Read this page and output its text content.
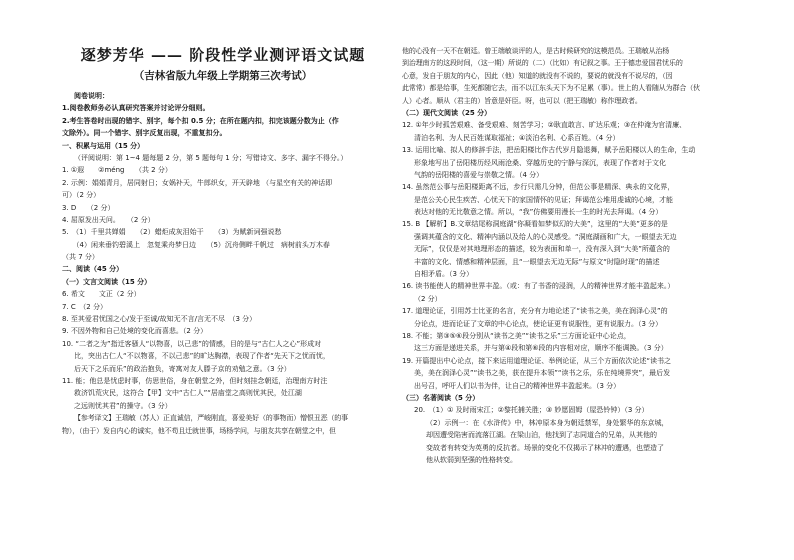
逐梦芳华 —— 阶段性学业测评语文试题
（吉林省版九年级上学期第三次考试）
阅卷说明：
1.阅卷教师务必认真研究答案并讨论评分细则。
2.考生答卷时出现的错字、别字，每个扣 0.5 分；在所在题内扣，扣完该题分数为止（作
文除外）。同一个错字、别字反复出现，不重复扣分。
一、积累与运用（15 分）
（评阅说明：第 1~4 题每题 2 分，第 5 题每句 1 分；写错诗文、多字、漏字不得分。）
1. ①遐　　②méng　　（共 2 分）
2. 示例：娟娟青月，居同射日；女娲补天，牛郎织女，开天辟地 （与星空有关的神话即
可）（2 分）
3. D　　（2 分）
4. 屈原发出天问。　　（2 分）
5.　（1）千里共婵娟　　（2）蜡炬成灰泪始干　　（3）为赋新词强说愁
　　（4）闲来垂钓碧溪上　忽复乘舟梦日边　　（5）沉舟侧畔千帆过　病树前头万木春
（共 7 分）
二、阅读（45 分）
（一）文言文阅读（15 分）
6. 希文　　文正（2 分）
7. C　（2 分）
8. 至其爱君忧国之心/发于至诚/故知无不言/言无不尽　（3 分）
9. 不因外物和自己处境的变化而喜悲。（2 分）
10. “二者之为”指迁客骚人“以物喜，以己悲”的情感，目的是与“古仁人之心”形成对
比，突出古仁人“不以物喜，不以己悲”的旷达胸襟，表现了作者“先天下之忧而忧，
后天下之乐而乐”的政治抱负，寄寓对友人滕子京的劝勉之意。（3 分）
11. 能；他总是忧虑时事，仿思世俗，身在朝堂之外，但时刻挂念朝廷，治理南方时注
救济饥荒灾民，这符合【甲】文中“古仁人”“居庙堂之高则忧其民，处江湖
之远则忧其君”的操守。（3 分）
【参考译文】王瑞敏（苏人）正直诚信，严峻刚直，喜爱美好（的事物而）憎恨丑恶（的事
物），（由于）发自内心的诚实，他不苟且迁就世事，场杨学问，与朋友共享在朝堂之中，但
他的心没有一天不在朝廷。曾王端敏谈评的人，是古时候研究的这模范员。王瑞敏从治杨
到治理南方的这段时间，（这一期）所说的（二）（比如）有记叙之事。王于德忠爱国君忧乐的
心意，发自于朋友的内心，因此（他）知道的就没有不说的，要说的就没有不说尽的，（因
此常常）都是给事，生死都随它去，而不以江东头天下为不足累（事）。世上的人看随从为群合（伙
人）心者。顺从（君主的）旨意是奸臣。呀，也可以（把王瑞敏）称作理政者。
（二）现代文阅读（25 分）
12. ①年少时孤苦艰难、备受艰难、刻苦学习；②耿直敢言、旷达乐观；③在仲淹为官清廉、
清泊名利、为人民百姓谋取福祉；④淡泊名利、心系百姓。（4 分）
13. 运用比喻、拟人的修辞手法，把岳阳楼比作古代岁月隐退舞，赋予岳阳楼以人的生命，生动
形象地写出了岳阳楼历经风雨沧桑、穿越历史的宁静与深沉，表现了作者对于文化
气韵的岳阳楼的喜爱与崇敬之情。（4 分）
14. 虽然范公事与岳阳楼距离不远，步行只需几分钟，但范公事是精深、典永的文化界，
是范公关心民生疾苦、心忧天下的家国情怀的见证；拜谒范公堆用虔诚的心境，才能
表达对他的无比敬意之情。所以，“我”仿佛要用漫长一生的时光去拜谒。（4 分）
15. B 【解析】B.文章结尾称洞庭湖“你凝看如梦似幻的大美”，这里的“大美”更多的是
强调其蕴含的文化、精神内涵以及给人的心灵感受。“洞庭湖画和广大，一眼望去无边
无际”，仅仅是对其地理形态的描述，较为表面和单一，没有深入到“大美”所蕴含的
丰富的文化、情感和精神层面，且“一眼望去无边无际”与原文“时隐时现”的描述
自相矛盾。（3 分）
16. 读书能使人的精神世界丰盈。（或：有了书香的浸润，人的精神世界才能丰盈起来。）
（2 分）
17. 道理论证，引用苏士比亚的名言，充分有力地论述了“读书之美，美在润泽心灵”的
分论点，进而论证了文章的中心论点，使论证更有说服性，更有说服力。（3 分）
18. 不能；第③⑤⑥段分别从“读书之美”“读书之乐”三方面论证中心论点，
这三方面是递进关系，并与第④段和第⑥段的内容相对应，顺序不能调换。（3 分）
19. 开篇提出中心论点，接下来运用道理论证、举例论证，从三个方面依次论述“读书之
美，美在润泽心灵”“读书之美，获在提升本领”“读书之乐，乐在纯境界突”，最后发
出号召，呼吁人们以书为伴，让自己的精神世界丰盈起来。（3 分）
（三）名著阅读（5 分）
20.　（1）① 及时雨宋江；②黎托捕关胜；③ 妙愿固姆（屋恐铃钟）（3 分）
（2）示例一：在《水浒传》中，林冲原本身为朝廷禁军，身处繁华的东京城，
却因遭受陷害而流落江湖。在梁山泊，他找到了志同道合的兄弟，从其他的
变故者有转变为英勇的反抗者。场景的变化不仅揭示了林冲的遭遇，也塑造了
他从软弱到坚强的性格转变。
